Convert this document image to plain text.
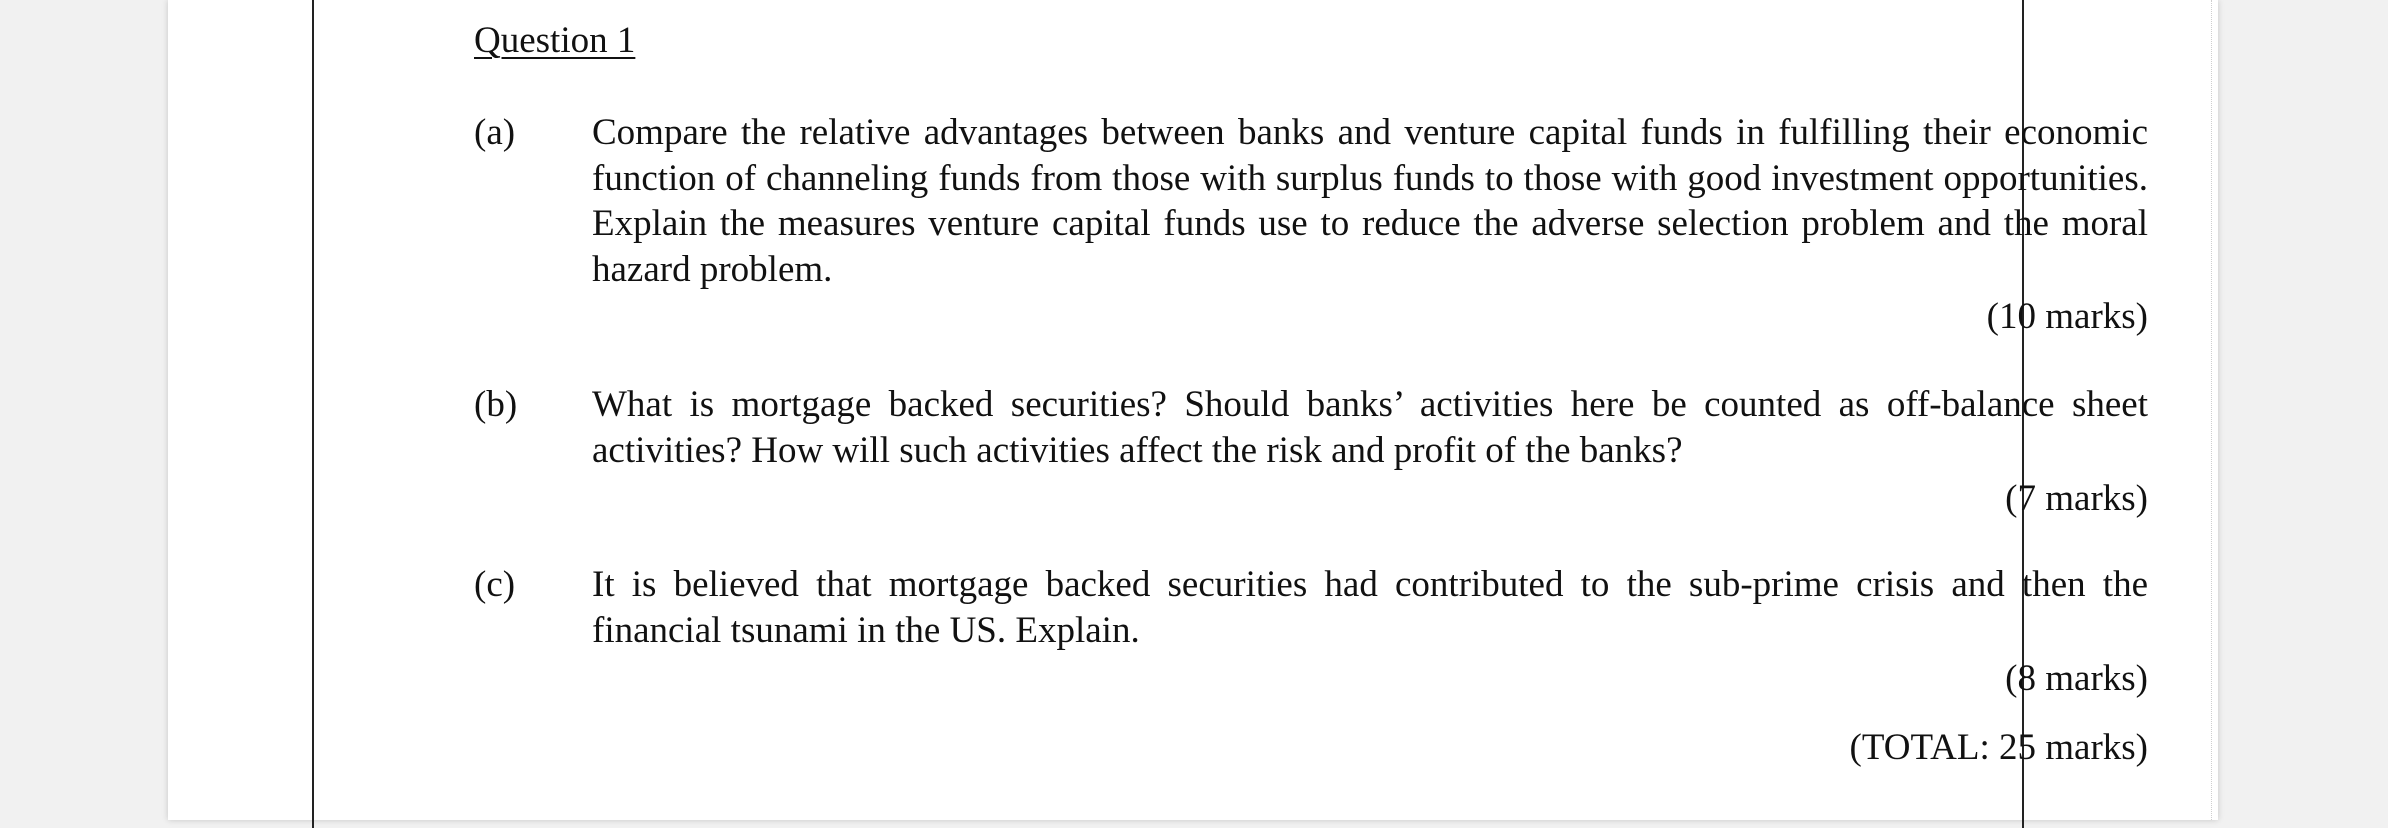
Question 1
(a) Compare the relative advantages between banks and venture capital funds in fulfilling their economic function of channeling funds from those with surplus funds to those with good investment opportunities. Explain the measures venture capital funds use to reduce the adverse selection problem and the moral hazard problem.
(10 marks)
(b) What is mortgage backed securities? Should banks’ activities here be counted as off-balance sheet activities? How will such activities affect the risk and profit of the banks?
(7 marks)
(c) It is believed that mortgage backed securities had contributed to the sub-prime crisis and then the financial tsunami in the US. Explain.
(8 marks)
(TOTAL: 25 marks)
